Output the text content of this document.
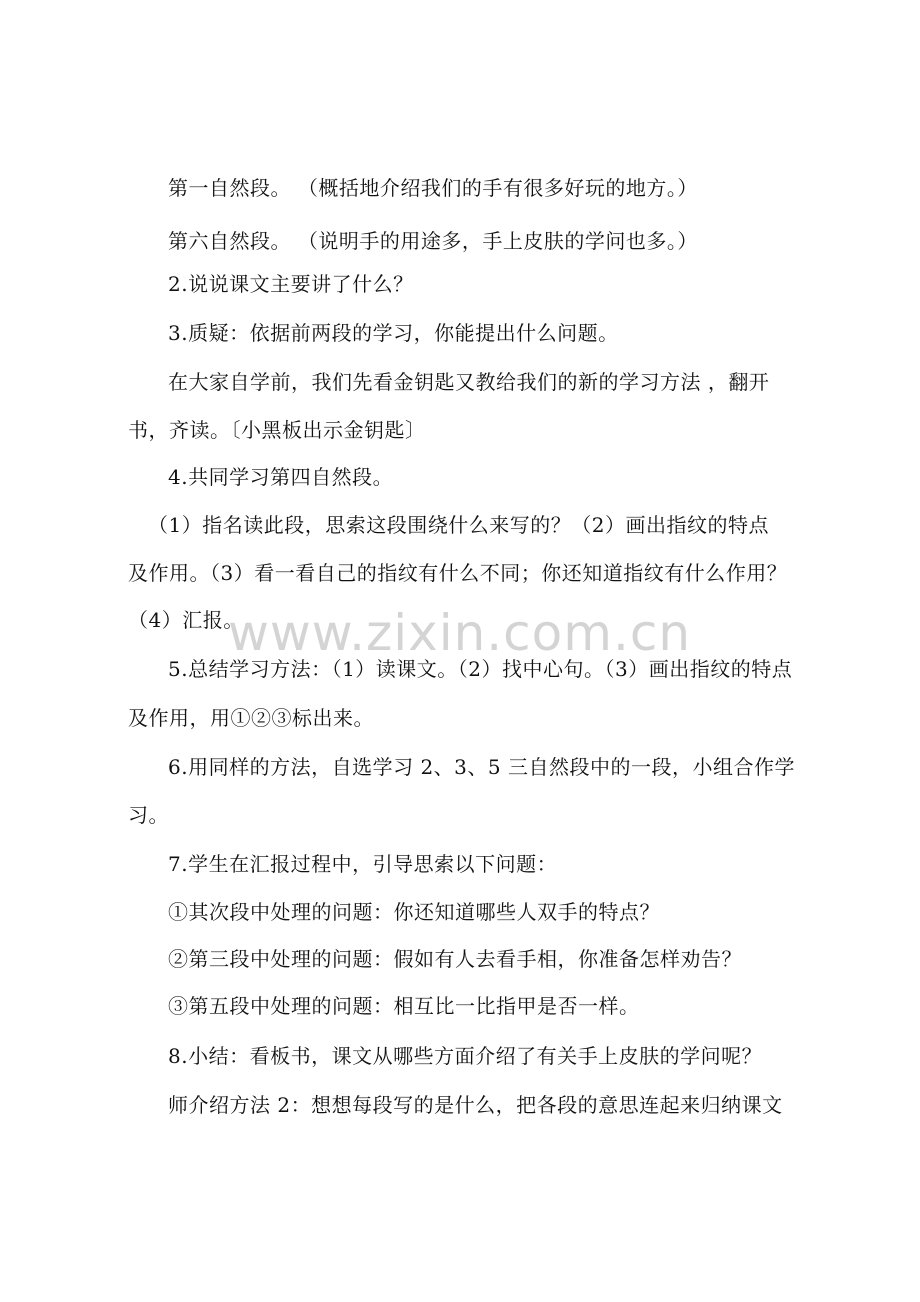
www.zixin.com.cn
第一自然段。 （概括地介绍我们的手有很多好玩的地方。）
第六自然段。 （说明手的用途多，手上皮肤的学问也多。）
2.说说课文主要讲了什么？
3.质疑：依据前两段的学习，你能提出什么问题。
在大家自学前，我们先看金钥匙又教给我们的新的学习方法 ，翻开
书，齐读。〔小黑板出示金钥匙〕
4.共同学习第四自然段。
（1）指名读此段，思索这段围绕什么来写的？（2）画出指纹的特点
及作用。（3）看一看自己的指纹有什么不同；你还知道指纹有什么作用？
（4）汇报。
5.总结学习方法：（1）读课文。（2）找中心句。（3）画出指纹的特点
及作用，用①②③标出来。
6.用同样的方法，自选学习 2、3、5 三自然段中的一段，小组合作学
习。
7.学生在汇报过程中，引导思索以下问题：
①其次段中处理的问题：你还知道哪些人双手的特点？
②第三段中处理的问题：假如有人去看手相，你准备怎样劝告？
③第五段中处理的问题：相互比一比指甲是否一样。
8.小结：看板书，课文从哪些方面介绍了有关手上皮肤的学问呢？
师介绍方法 2：想想每段写的是什么，把各段的意思连起来归纳课文
